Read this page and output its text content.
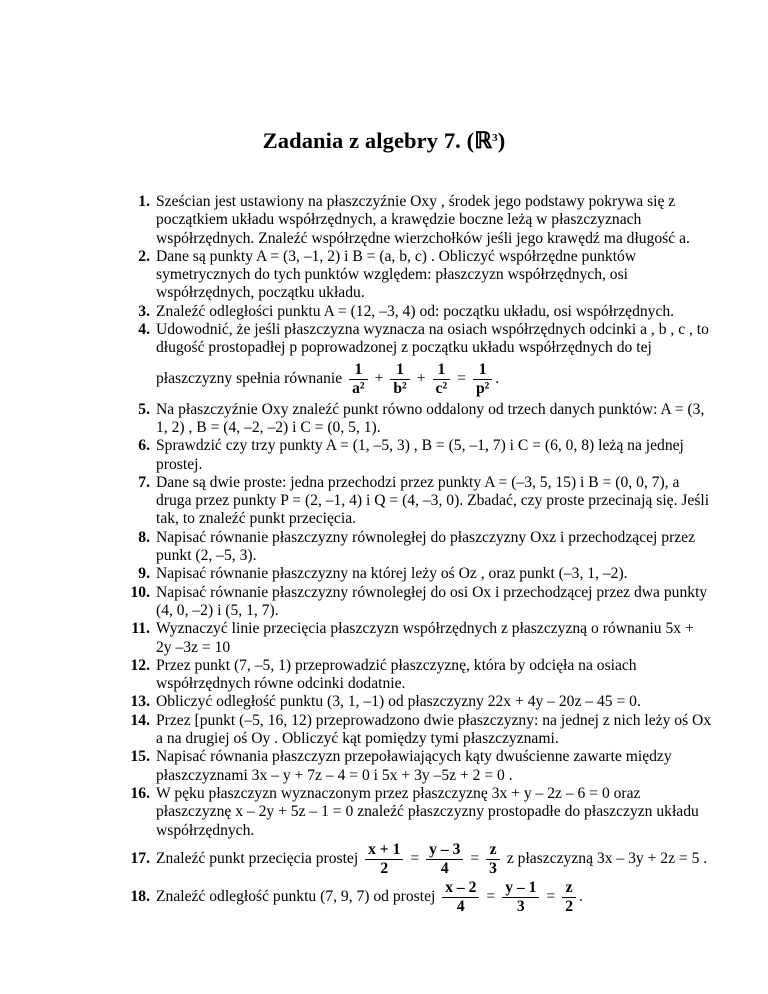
Zadania z algebry 7. (ℝ$^3$)
1. Sześcian jest ustawiony na płaszczyźnie Oxy , środek jego podstawy pokrywa się z początkiem układu współrzędnych, a krawędzie boczne leżą w płaszczyznach współrzędnych. Znaleźć współrzędne wierzchołków jeśli jego krawędź ma długość a.
2. Dane są punkty A = (3, –1, 2) i B = (a, b, c) . Obliczyć współrzędne punktów symetrycznych do tych punktów względem: płaszczyzn współrzędnych, osi współrzędnych, początku układu.
3. Znaleźć odległości punktu A = (12, –3, 4) od: początku układu, osi współrzędnych.
4. Udowodnić, że jeśli płaszczyzna wyznacza na osiach współrzędnych odcinki a , b , c , to długość prostopadłej p poprowadzonej z początku układu współrzędnych do tej
płaszczyzny spełnia równanie $\frac{1}{\text{a²}} + \frac{1}{\text{b²}} + \frac{1}{\text{c²}} = \frac{1}{\text{p²}}$ .
5. Na płaszczyźnie Oxy znaleźć punkt równo oddalony od trzech danych punktów: A = (3, 1, 2) , B = (4, –2, –2) i C = (0, 5, 1).
6. Sprawdzić czy trzy punkty A = (1, –5, 3) , B = (5, –1, 7) i C = (6, 0, 8) leżą na jednej prostej.
7. Dane są dwie proste: jedna przechodzi przez punkty A = (–3, 5, 15) i B = (0, 0, 7), a druga przez punkty P = (2, –1, 4) i Q = (4, –3, 0). Zbadać, czy proste przecinają się. Jeśli tak, to znaleźć punkt przecięcia.
8. Napisać równanie płaszczyzny równoległej do płaszczyzny Oxz i przechodzącej przez punkt (2, –5, 3).
9. Napisać równanie płaszczyzny na której leży oś Oz , oraz punkt (–3, 1, –2).
10. Napisać równanie płaszczyzny równoległej do osi Ox i przechodzącej przez dwa punkty (4, 0, –2) i (5, 1, 7).
11. Wyznaczyć linie przecięcia płaszczyzn współrzędnych z płaszczyzną o równaniu 5x + 2y –3z = 10
12. Przez punkt (7, –5, 1) przeprowadzić płaszczyznę, która by odcięła na osiach współrzędnych równe odcinki dodatnie.
13. Obliczyć odległość punktu (3, 1, –1) od płaszczyzny 22x + 4y – 20z – 45 = 0.
14. Przez [punkt (–5, 16, 12) przeprowadzono dwie płaszczyzny: na jednej z nich leży oś Ox a na drugiej oś Oy . Obliczyć kąt pomiędzy tymi płaszczyznami.
15. Napisać równania płaszczyzn przepoławiających kąty dwuścienne zawarte między płaszczyznami 3x – y + 7z – 4 = 0 i 5x + 3y –5z + 2 = 0 .
16. W pęku płaszczyzn wyznaczonym przez płaszczyznę 3x + y – 2z – 6 = 0 oraz płaszczyznę x – 2y + 5z – 1 = 0 znaleźć płaszczyzny prostopadłe do płaszczyzn układu współrzędnych.
17. Znaleźć punkt przecięcia prostej $\frac{x + 1}{2} = \frac{y - 3}{4} = \frac{z}{3}$ z płaszczyzną 3x – 3y + 2z = 5 .
18. Znaleźć odległość punktu (7, 9, 7) od prostej $\frac{x - 2}{4} = \frac{y - 1}{3} = \frac{z}{2}$ .
